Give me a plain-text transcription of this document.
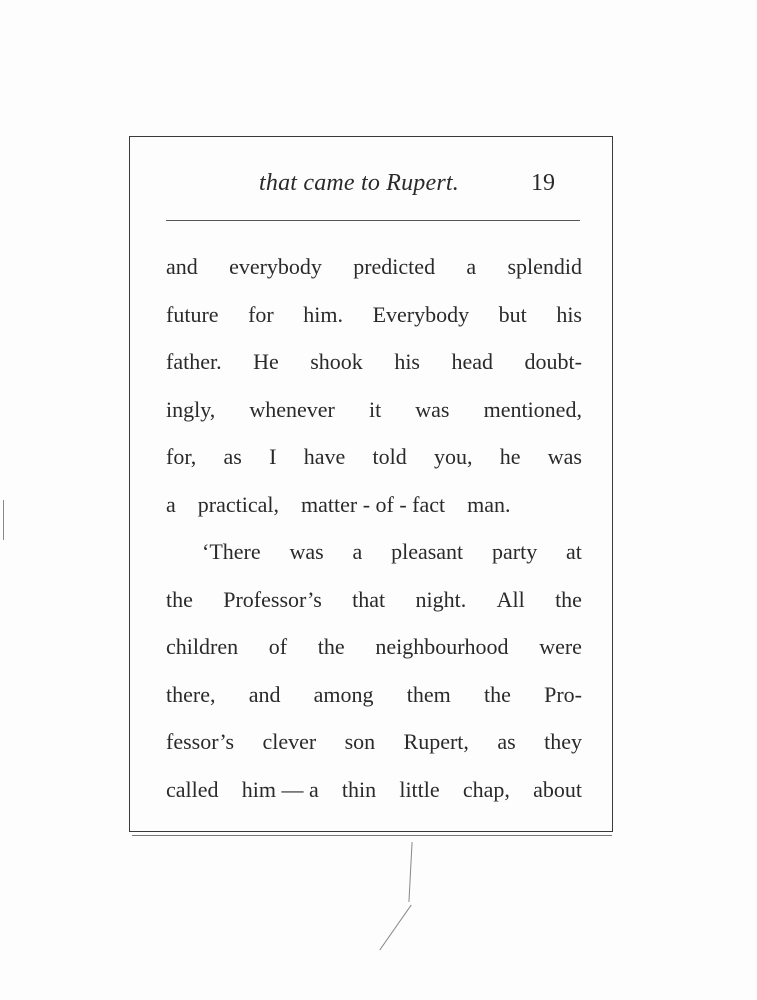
that came to Rupert.	19
and everybody predicted a splendid
future for him. Everybody but his
father. He shook his head doubt-
ingly, whenever it was mentioned,
for, as I have told you, he was
a practical, matter - of - fact man.
‘There was a pleasant party at
the Professor’s that night. All the
children of the neighbourhood were
there, and among them the Pro-
fessor’s clever son Rupert, as they
called him — a thin little chap, about
